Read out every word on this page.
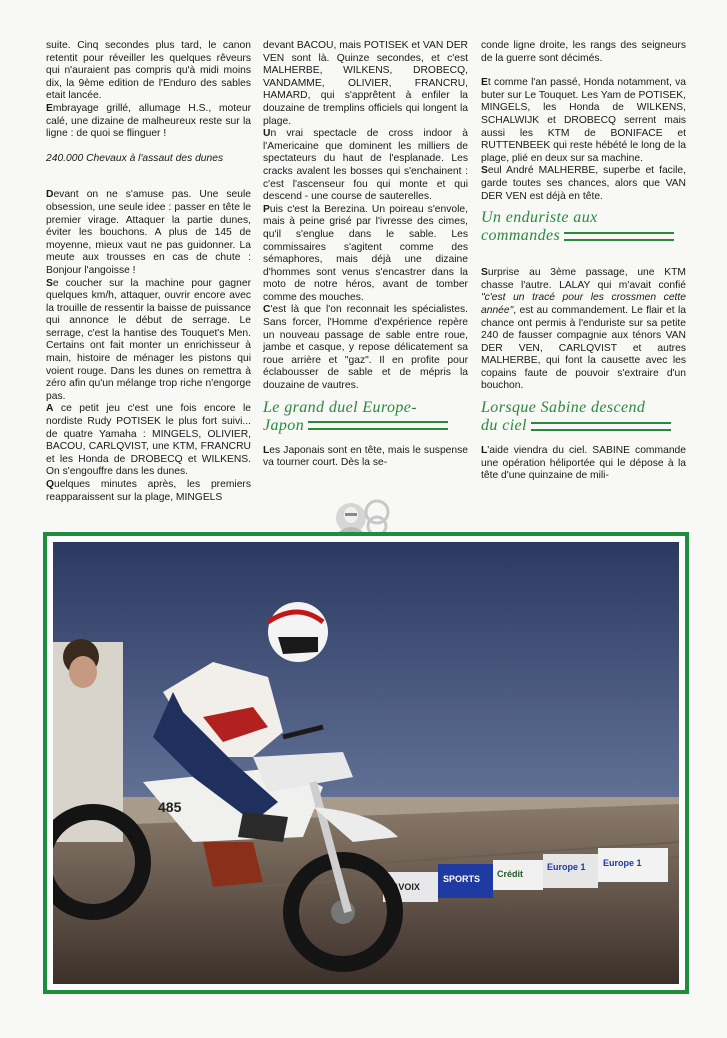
suite. Cinq secondes plus tard, le canon retentit pour réveiller les quelques rêveurs qui n'auraient pas compris qu'à midi moins dix, la 9ème edition de l'Enduro des sables etait lancée.

Embrayage grillé, allumage H.S., moteur calé, une dizaine de malheureux reste sur la ligne : de quoi se flinguer !

240.000 Chevaux à l'assaut des dunes

Devant on ne s'amuse pas. Une seule obsession, une seule idee : passer en tête le premier virage. Attaquer la partie dunes, éviter les bouchons. A plus de 145 de moyenne, mieux vaut ne pas guidonner. La meute aux trousses en cas de chute : Bonjour l'angoisse !

Se coucher sur la machine pour gagner quelques km/h, attaquer, ouvrir encore avec la trouille de ressentir la baisse de puissance qui annonce le début de serrage. Le serrage, c'est la hantise des Touquet's Men. Certains ont fait monter un enrichisseur à main, histoire de ménager les pistons qui voient rouge. Dans les dunes on remettra à zéro afin qu'un mélange trop riche n'engorge pas.

A ce petit jeu c'est une fois encore le nordiste Rudy POTISEK le plus fort suivi... de quatre Yamaha : MINGELS, OLIVIER, BACOU, CARLQVIST, une KTM, FRANCRU et les Honda de DROBECQ et WILKENS. On s'engouffre dans les dunes.

Quelques minutes après, les premiers reapparaissent sur la plage, MINGELS

devant BACOU, mais POTISEK et VAN DER VEN sont là. Quinze secondes, et c'est MALHERBE, WILKENS, DROBECQ, VANDAMME, OLIVIER, FRANCRU, HAMARD, qui s'apprêtent à enfiler la douzaine de tremplins officiels qui longent la plage.

Un vrai spectacle de cross indoor à l'Americaine que dominent les milliers de spectateurs du haut de l'esplanade. Les cracks avalent les bosses qui s'enchainent : c'est l'ascenseur fou qui monte et qui descend - une course de sauterelles.

Puis c'est la Berezina. Un poireau s'envole, mais à peine grisé par l'ivresse des cimes, qu'il s'englue dans le sable. Les commissaires s'agitent comme des sémaphores, mais déjà une dizaine d'hommes sont venus s'encastrer dans la moto de notre héros, avant de tomber comme des mouches.

C'est là que l'on reconnait les spécialistes. Sans forcer, l'Homme d'expérience repère un nouveau passage de sable entre roue, jambe et casque, y repose délicatement sa roue arrière et "gaz". Il en profite pour éclabousser de sable et de mépris la douzaine de vautres.

Le grand duel Europe-
Japon

Les Japonais sont en tête, mais le suspense va tourner court. Dès la se-

conde ligne droite, les rangs des seigneurs de la guerre sont décimés.

Et comme l'an passé, Honda notamment, va buter sur Le Touquet. Les Yam de POTISEK, MINGELS, les Honda de WILKENS, SCHALWIJK et DROBECQ serrent mais aussi les KTM de BONIFACE et RUTTENBEEK qui reste hébété le long de la plage, plié en deux sur sa machine.

Seul André MALHERBE, superbe et facile, garde toutes ses chances, alors que VAN DER VEN est déjà en tête.

Un enduriste aux
commandes

Surprise au 3ème passage, une KTM chasse l'autre. LALAY qui m'avait confié "c'est un tracé pour les crossmen cette année", est au commandement. Le flair et la chance ont permis à l'enduriste sur sa petite 240 de fausser compagnie aux ténors VAN DER VEN, CARLQVIST et autres MALHERBE, qui font la causette avec les copains faute de pouvoir s'extraire d'un bouchon.

Lorsque Sabine descend
du ciel

L'aide viendra du ciel. SABINE commande une opération héliportée qui le dépose à la tête d'une quinzaine de mili-

LAVOIX
SPORTS Crédit
Europe 1 Europe 1
485
